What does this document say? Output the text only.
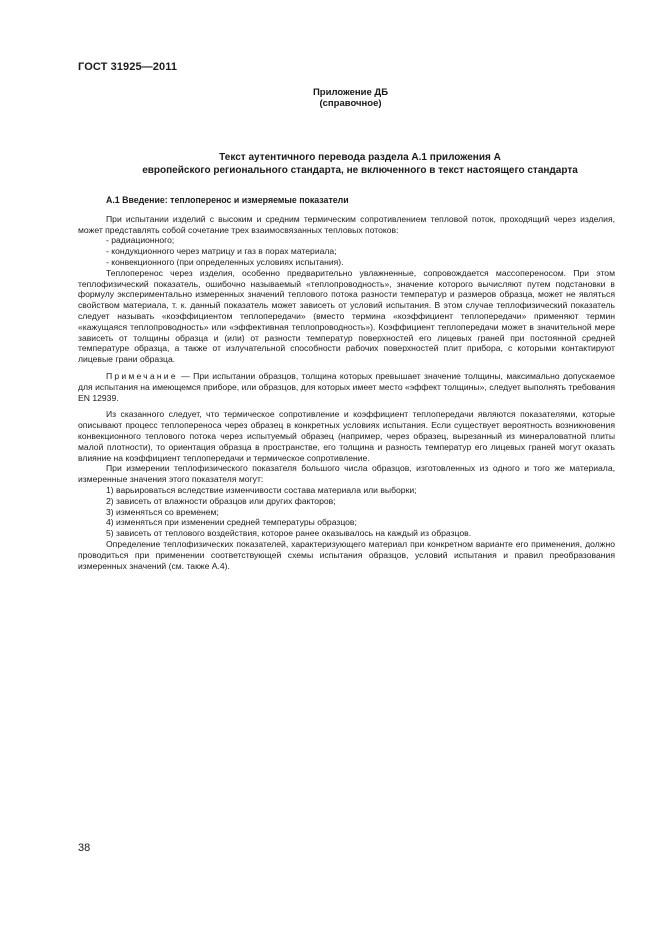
ГОСТ 31925—2011
Приложение ДБ
(справочное)
Текст аутентичного перевода раздела А.1 приложения А
европейского регионального стандарта, не включенного в текст настоящего стандарта
А.1 Введение: теплоперенос и измеряемые показатели

При испытании изделий с высоким и средним термическим сопротивлением тепловой поток, проходящий через изделия, может представлять собой сочетание трех взаимосвязанных тепловых потоков:

- радиационного;

- кондукционного через матрицу и газ в порах материала;

- конвекционного (при определенных условиях испытания).

Теплоперенос через изделия, особенно предварительно увлажненные, сопровождается массопереносом. При этом теплофизический показатель, ошибочно называемый «теплопроводность», значение которого вычисляют путем подстановки в формулу экспериментально измеренных значений теплового потока разности температур и размеров образца, может не являться свойством материала, т. к. данный показатель может зависеть от условий испытания. В этом случае теплофизический показатель следует называть «коэффициентом теплопередачи» (вместо термина «коэффициент теплопередачи» применяют термин «кажущаяся теплопроводность» или «эффективная теплопроводность»). Коэффициент теплопередачи может в значительной мере зависеть от толщины образца и (или) от разности температур поверхностей его лицевых граней при постоянной средней температуре образца, а также от излучательной способности рабочих поверхностей плит прибора, с которыми контактируют лицевые грани образца.

Примечание — При испытании образцов, толщина которых превышает значение толщины, максимально допускаемое для испытания на имеющемся приборе, или образцов, для которых имеет место «эффект толщины», следует выполнять требования EN 12939.

Из сказанного следует, что термическое сопротивление и коэффициент теплопередачи являются показателями, которые описывают процесс теплопереноса через образец в конкретных условиях испытания. Если существует вероятность возникновения конвекционного теплового потока через испытуемый образец (например, через образец, вырезанный из минераловатной плиты малой плотности), то ориентация образца в пространстве, его толщина и разность температур его лицевых граней могут оказать влияние на коэффициент теплопередачи и термическое сопротивление.

При измерении теплофизического показателя большого числа образцов, изготовленных из одного и того же материала, измеренные значения этого показателя могут:

1) варьироваться вследствие изменчивости состава материала или выборки;

2) зависеть от влажности образцов или других факторов;

3) изменяться со временем;

4) изменяться при изменении средней температуры образцов;

5) зависеть от теплового воздействия, которое ранее оказывалось на каждый из образцов.

Определение теплофизических показателей, характеризующего материал при конкретном варианте его применения, должно проводиться при применении соответствующей схемы испытания образцов, условий испытания и правил преобразования измеренных значений (см. также А.4).

38
